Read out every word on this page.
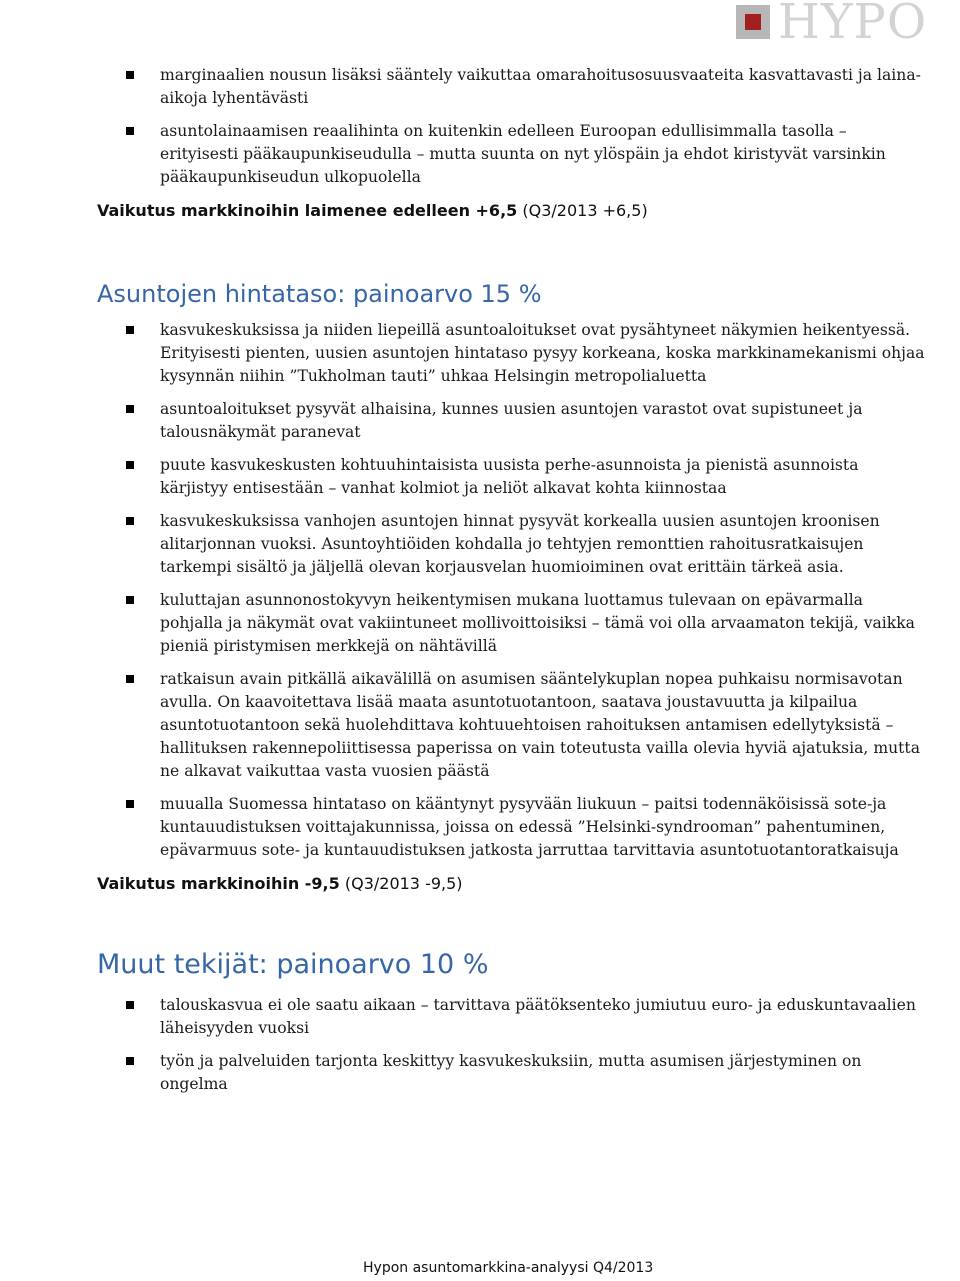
HYPO
marginaalien nousun lisäksi sääntely vaikuttaa omarahoitusosuusvaateita kasvattavasti ja laina-aikoja lyhentävästi
asuntolainaamisen reaalihinta on kuitenkin edelleen Euroopan edullisimmalla tasolla – erityisesti pääkaupunkiseudulla – mutta suunta on nyt ylöspäin ja ehdot kiristyvät varsinkin pääkaupunkiseudun ulkopuolella
Vaikutus markkinoihin laimenee edelleen +6,5 (Q3/2013 +6,5)
Asuntojen hintataso: painoarvo 15 %
kasvukeskuksissa ja niiden liepeillä asuntoaloitukset ovat pysähtyneet näkymien heikentyessä. Erityisesti pienten, uusien asuntojen hintataso pysyy korkeana, koska markkinamekanismi ohjaa kysynnän niihin ”Tukholman tauti” uhkaa Helsingin metropolialuetta
asuntoaloitukset pysyvät alhaisina, kunnes uusien asuntojen varastot ovat supistuneet ja talousnäkymät paranevat
puute kasvukeskusten kohtuuhintaisista uusista perhe-asunnoista ja pienistä asunnoista kärjistyy entisestään – vanhat kolmiot ja neliöt alkavat kohta kiinnostaa
kasvukeskuksissa vanhojen asuntojen hinnat pysyvät korkealla uusien asuntojen kroonisen alitarjonnan vuoksi. Asuntoyhtiöiden kohdalla jo tehtyjen remonttien rahoitusratkaisujen tarkempi sisältö ja jäljellä olevan korjausvelan huomioiminen ovat erittäin tärkeä asia.
kuluttajan asunnonostokyvyn heikentymisen mukana luottamus tulevaan on epävarmalla pohjalla ja näkymät ovat vakiintuneet mollivoittoisiksi – tämä voi olla arvaamaton tekijä, vaikka pieniä piristymisen merkkejä on nähtävillä
ratkaisun avain pitkällä aikavälillä on asumisen sääntelykuplan nopea puhkaisu normisavotan avulla. On kaavoitettava lisää maata asuntotuotantoon, saatava joustavuutta ja kilpailua asuntotuotantoon sekä huolehdittava kohtuuehtoisen rahoituksen antamisen edellytyksistä – hallituksen rakennepoliittisessa paperissa on vain toteutusta vailla olevia hyviä ajatuksia, mutta ne alkavat vaikuttaa vasta vuosien päästä
muualla Suomessa hintataso on kääntynyt pysyvään liukuun – paitsi todennäköisissä sote-ja kuntauudistuksen voittajakunnissa, joissa on edessä ”Helsinki-syndrooman” pahentuminen, epävarmuus sote- ja kuntauudistuksen jatkosta jarruttaa tarvittavia asuntotuotantoratkaisuja
Vaikutus markkinoihin -9,5 (Q3/2013 -9,5)
Muut tekijät: painoarvo 10 %
talouskasvua ei ole saatu aikaan – tarvittava päätöksenteko jumiutuu euro- ja eduskuntavaalien läheisyyden vuoksi
työn ja palveluiden tarjonta keskittyy kasvukeskuksiin, mutta asumisen järjestyminen on ongelma
Hypon asuntomarkkina-analyysi Q4/2013
